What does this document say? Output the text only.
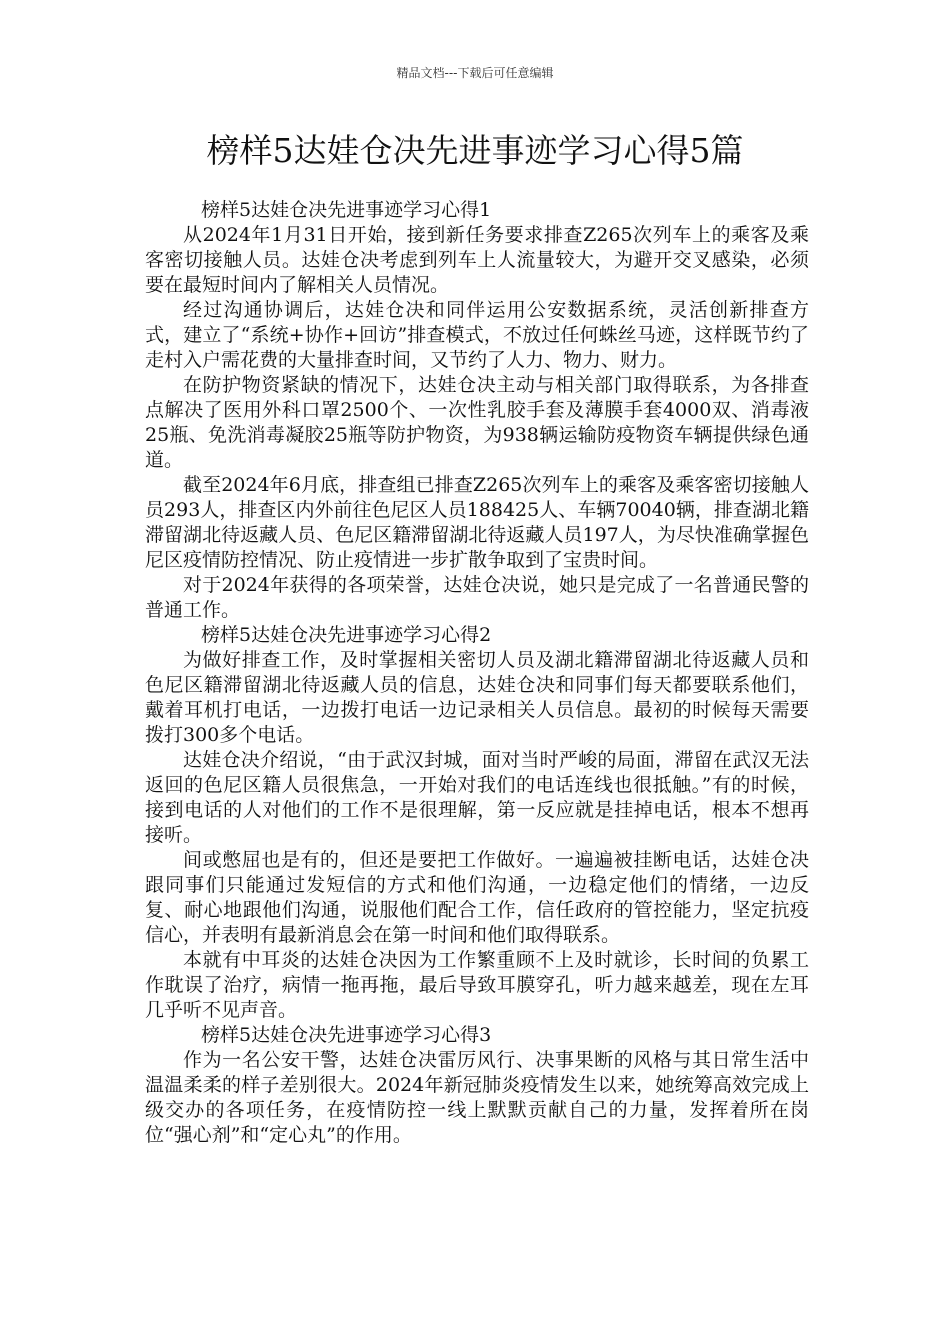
精品文档---下载后可任意编辑
榜样5达娃仓决先进事迹学习心得5篇

榜样5达娃仓决先进事迹学习心得1

从2024年1月31日开始，接到新任务要求排查Z265次列车上的乘客及乘客密切接触人员。达娃仓决考虑到列车上人流量较大，为避开交叉感染，必须要在最短时间内了解相关人员情况。

经过沟通协调后，达娃仓决和同伴运用公安数据系统，灵活创新排查方式，建立了“系统+协作+回访”排查模式，不放过任何蛛丝马迹，这样既节约了走村入户需花费的大量排查时间，又节约了人力、物力、财力。

在防护物资紧缺的情况下，达娃仓决主动与相关部门取得联系，为各排查点解决了医用外科口罩2500个、一次性乳胶手套及薄膜手套4000双、消毒液25瓶、免洗消毒凝胶25瓶等防护物资，为938辆运输防疫物资车辆提供绿色通道。

截至2024年6月底，排查组已排查Z265次列车上的乘客及乘客密切接触人员293人，排查区内外前往色尼区人员188425人、车辆70040辆，排查湖北籍滞留湖北待返藏人员、色尼区籍滞留湖北待返藏人员197人，为尽快准确掌握色尼区疫情防控情况、防止疫情进一步扩散争取到了宝贵时间。

对于2024年获得的各项荣誉，达娃仓决说，她只是完成了一名普通民警的普通工作。

榜样5达娃仓决先进事迹学习心得2

为做好排查工作，及时掌握相关密切人员及湖北籍滞留湖北待返藏人员和色尼区籍滞留湖北待返藏人员的信息，达娃仓决和同事们每天都要联系他们，戴着耳机打电话，一边拨打电话一边记录相关人员信息。最初的时候每天需要拨打300多个电话。

达娃仓决介绍说，“由于武汉封城，面对当时严峻的局面，滞留在武汉无法返回的色尼区籍人员很焦急，一开始对我们的电话连线也很抵触。”有的时候，接到电话的人对他们的工作不是很理解，第一反应就是挂掉电话，根本不想再接听。

间或憋屈也是有的，但还是要把工作做好。一遍遍被挂断电话，达娃仓决跟同事们只能通过发短信的方式和他们沟通，一边稳定他们的情绪，一边反复、耐心地跟他们沟通，说服他们配合工作，信任政府的管控能力，坚定抗疫信心，并表明有最新消息会在第一时间和他们取得联系。

本就有中耳炎的达娃仓决因为工作繁重顾不上及时就诊，长时间的负累工作耽误了治疗，病情一拖再拖，最后导致耳膜穿孔，听力越来越差，现在左耳几乎听不见声音。

榜样5达娃仓决先进事迹学习心得3

作为一名公安干警，达娃仓决雷厉风行、决事果断的风格与其日常生活中温温柔柔的样子差别很大。2024年新冠肺炎疫情发生以来，她统筹高效完成上级交办的各项任务，在疫情防控一线上默默贡献自己的力量，发挥着所在岗位“强心剂”和“定心丸”的作用。
